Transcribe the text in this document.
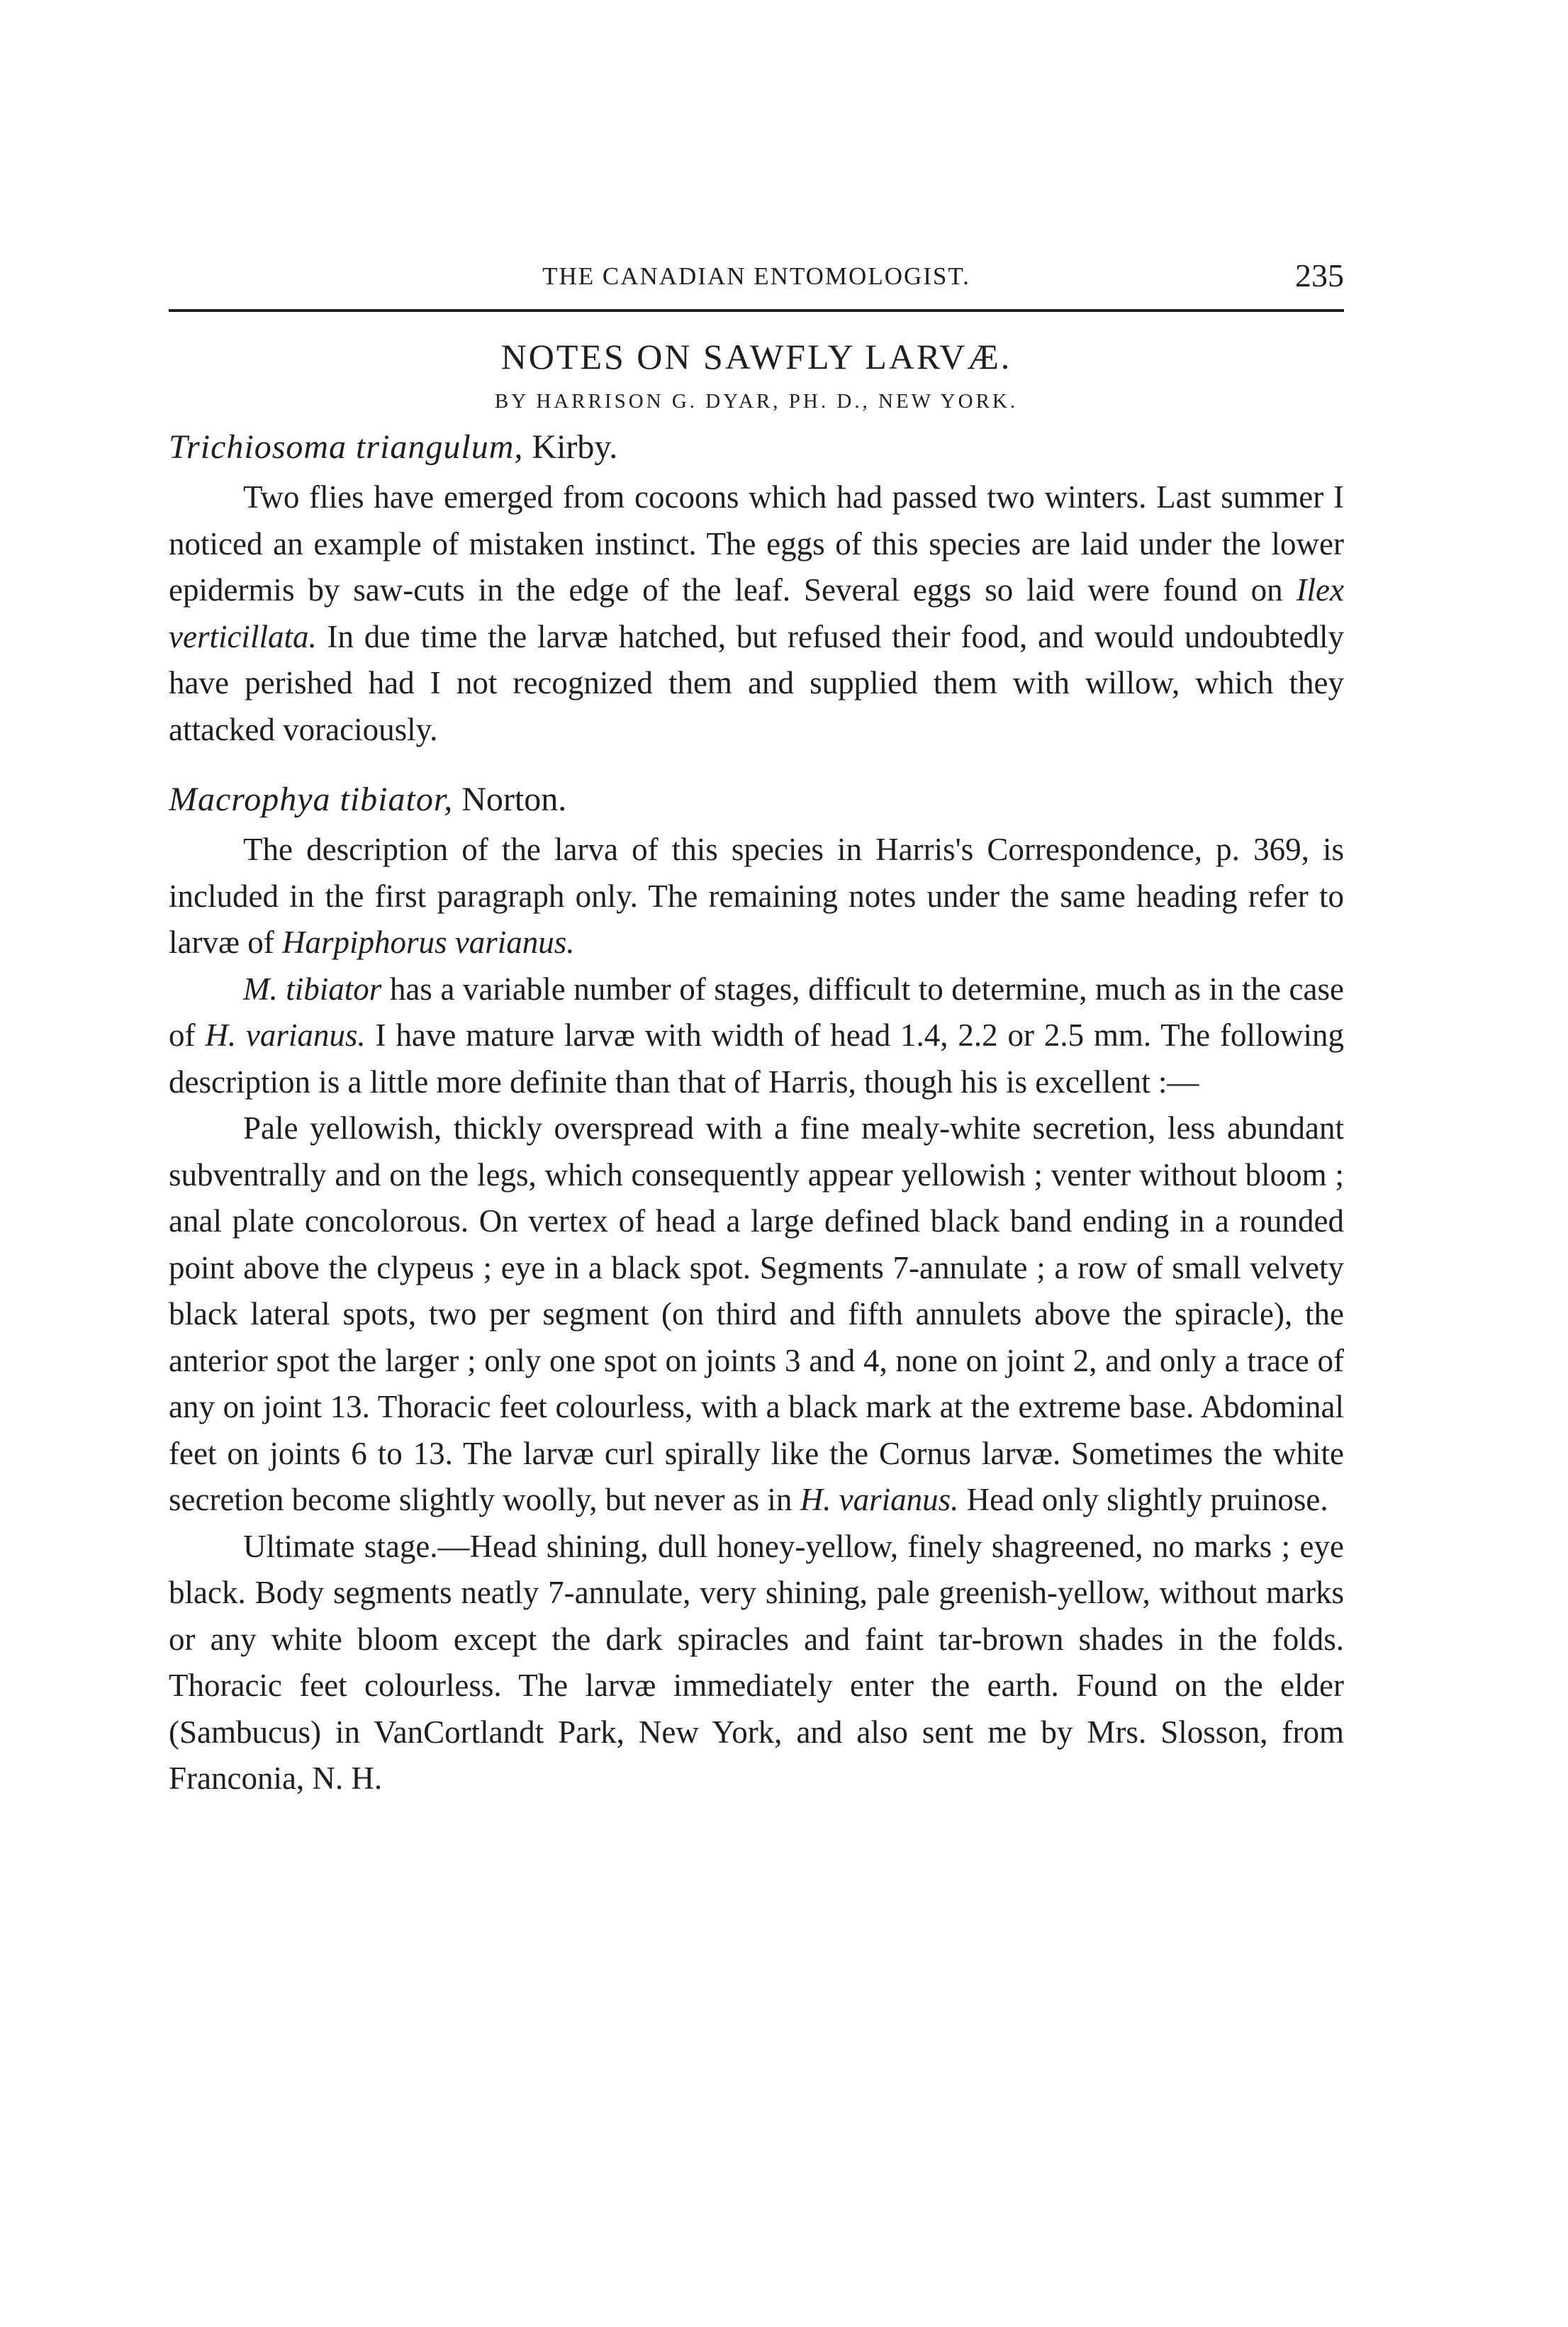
THE CANADIAN ENTOMOLOGIST.	235
NOTES ON SAWFLY LARVÆ.
BY HARRISON G. DYAR, PH. D., NEW YORK.
Trichiosoma triangulum, Kirby.

Two flies have emerged from cocoons which had passed two winters. Last summer I noticed an example of mistaken instinct. The eggs of this species are laid under the lower epidermis by saw-cuts in the edge of the leaf. Several eggs so laid were found on Ilex verticillata. In due time the larvæ hatched, but refused their food, and would undoubtedly have perished had I not recognized them and supplied them with willow, which they attacked voraciously.

Macrophya tibiator, Norton.

The description of the larva of this species in Harris's Correspondence, p. 369, is included in the first paragraph only. The remaining notes under the same heading refer to larvæ of Harpiphorus varianus.

M. tibiator has a variable number of stages, difficult to determine, much as in the case of H. varianus. I have mature larvæ with width of head 1.4, 2.2 or 2.5 mm. The following description is a little more definite than that of Harris, though his is excellent :—

Pale yellowish, thickly overspread with a fine mealy-white secretion, less abundant subventrally and on the legs, which consequently appear yellowish ; venter without bloom ; anal plate concolorous. On vertex of head a large defined black band ending in a rounded point above the clypeus ; eye in a black spot. Segments 7-annulate ; a row of small velvety black lateral spots, two per segment (on third and fifth annulets above the spiracle), the anterior spot the larger ; only one spot on joints 3 and 4, none on joint 2, and only a trace of any on joint 13. Thoracic feet colourless, with a black mark at the extreme base. Abdominal feet on joints 6 to 13. The larvæ curl spirally like the Cornus larvæ. Sometimes the white secretion become slightly woolly, but never as in H. varianus. Head only slightly pruinose.

Ultimate stage.—Head shining, dull honey-yellow, finely shagreened, no marks ; eye black. Body segments neatly 7-annulate, very shining, pale greenish-yellow, without marks or any white bloom except the dark spiracles and faint tar-brown shades in the folds. Thoracic feet colourless. The larvæ immediately enter the earth. Found on the elder (Sambucus) in VanCortlandt Park, New York, and also sent me by Mrs. Slosson, from Franconia, N. H.
